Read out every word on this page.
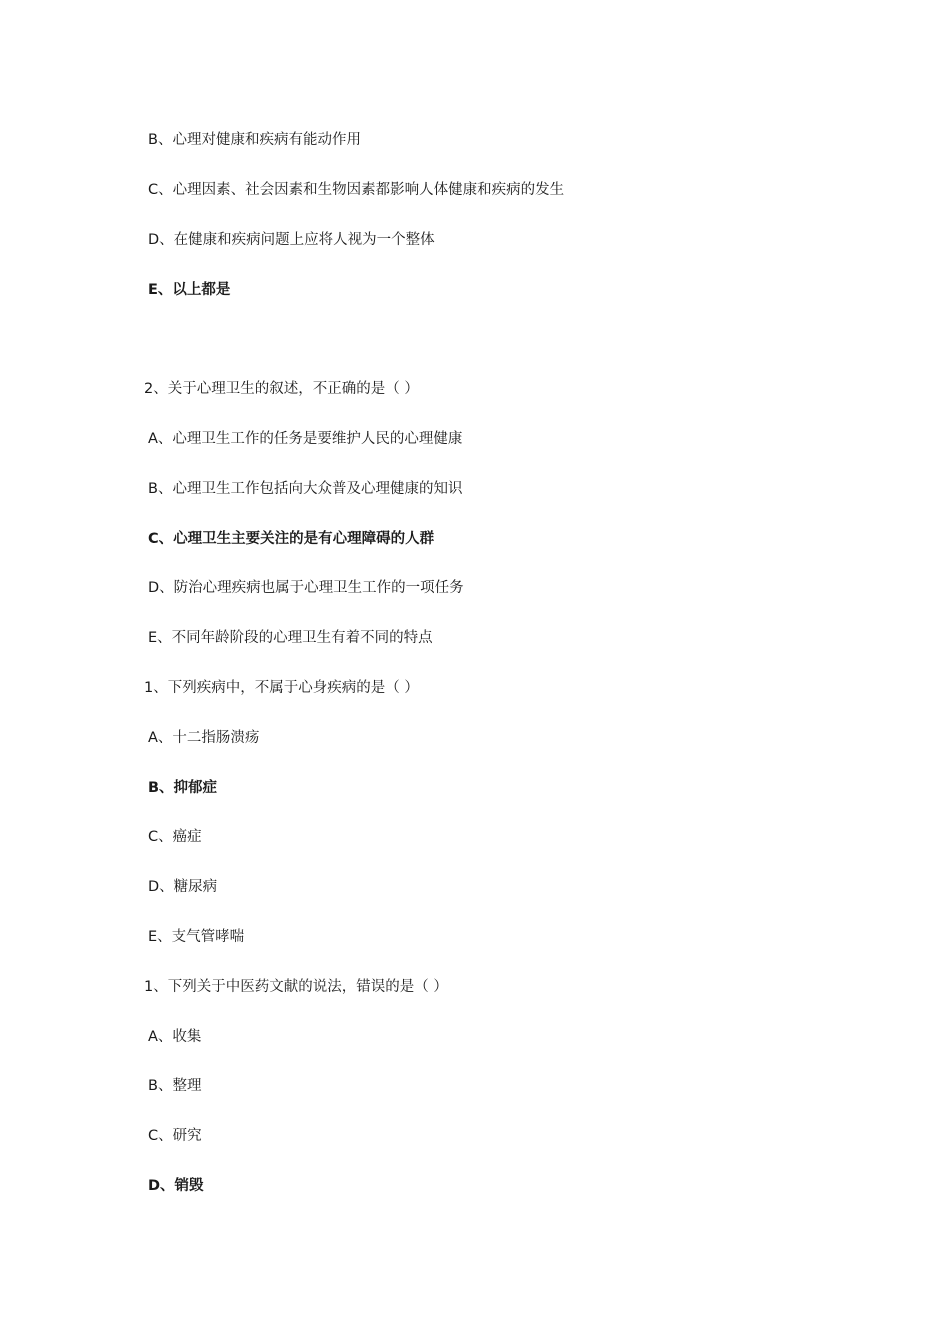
B、心理对健康和疾病有能动作用
C、心理因素、社会因素和生物因素都影响人体健康和疾病的发生
D、在健康和疾病问题上应将人视为一个整体
E、以上都是
2、关于心理卫生的叙述，不正确的是（ ）
A、心理卫生工作的任务是要维护人民的心理健康
B、心理卫生工作包括向大众普及心理健康的知识
C、心理卫生主要关注的是有心理障碍的人群
D、防治心理疾病也属于心理卫生工作的一项任务
E、不同年龄阶段的心理卫生有着不同的特点
1、下列疾病中，不属于心身疾病的是（ ）
A、十二指肠溃疡
B、抑郁症
C、癌症
D、糖尿病
E、支气管哮喘
1、下列关于中医药文献的说法，错误的是（ ）
A、收集
B、整理
C、研究
D、销毁
